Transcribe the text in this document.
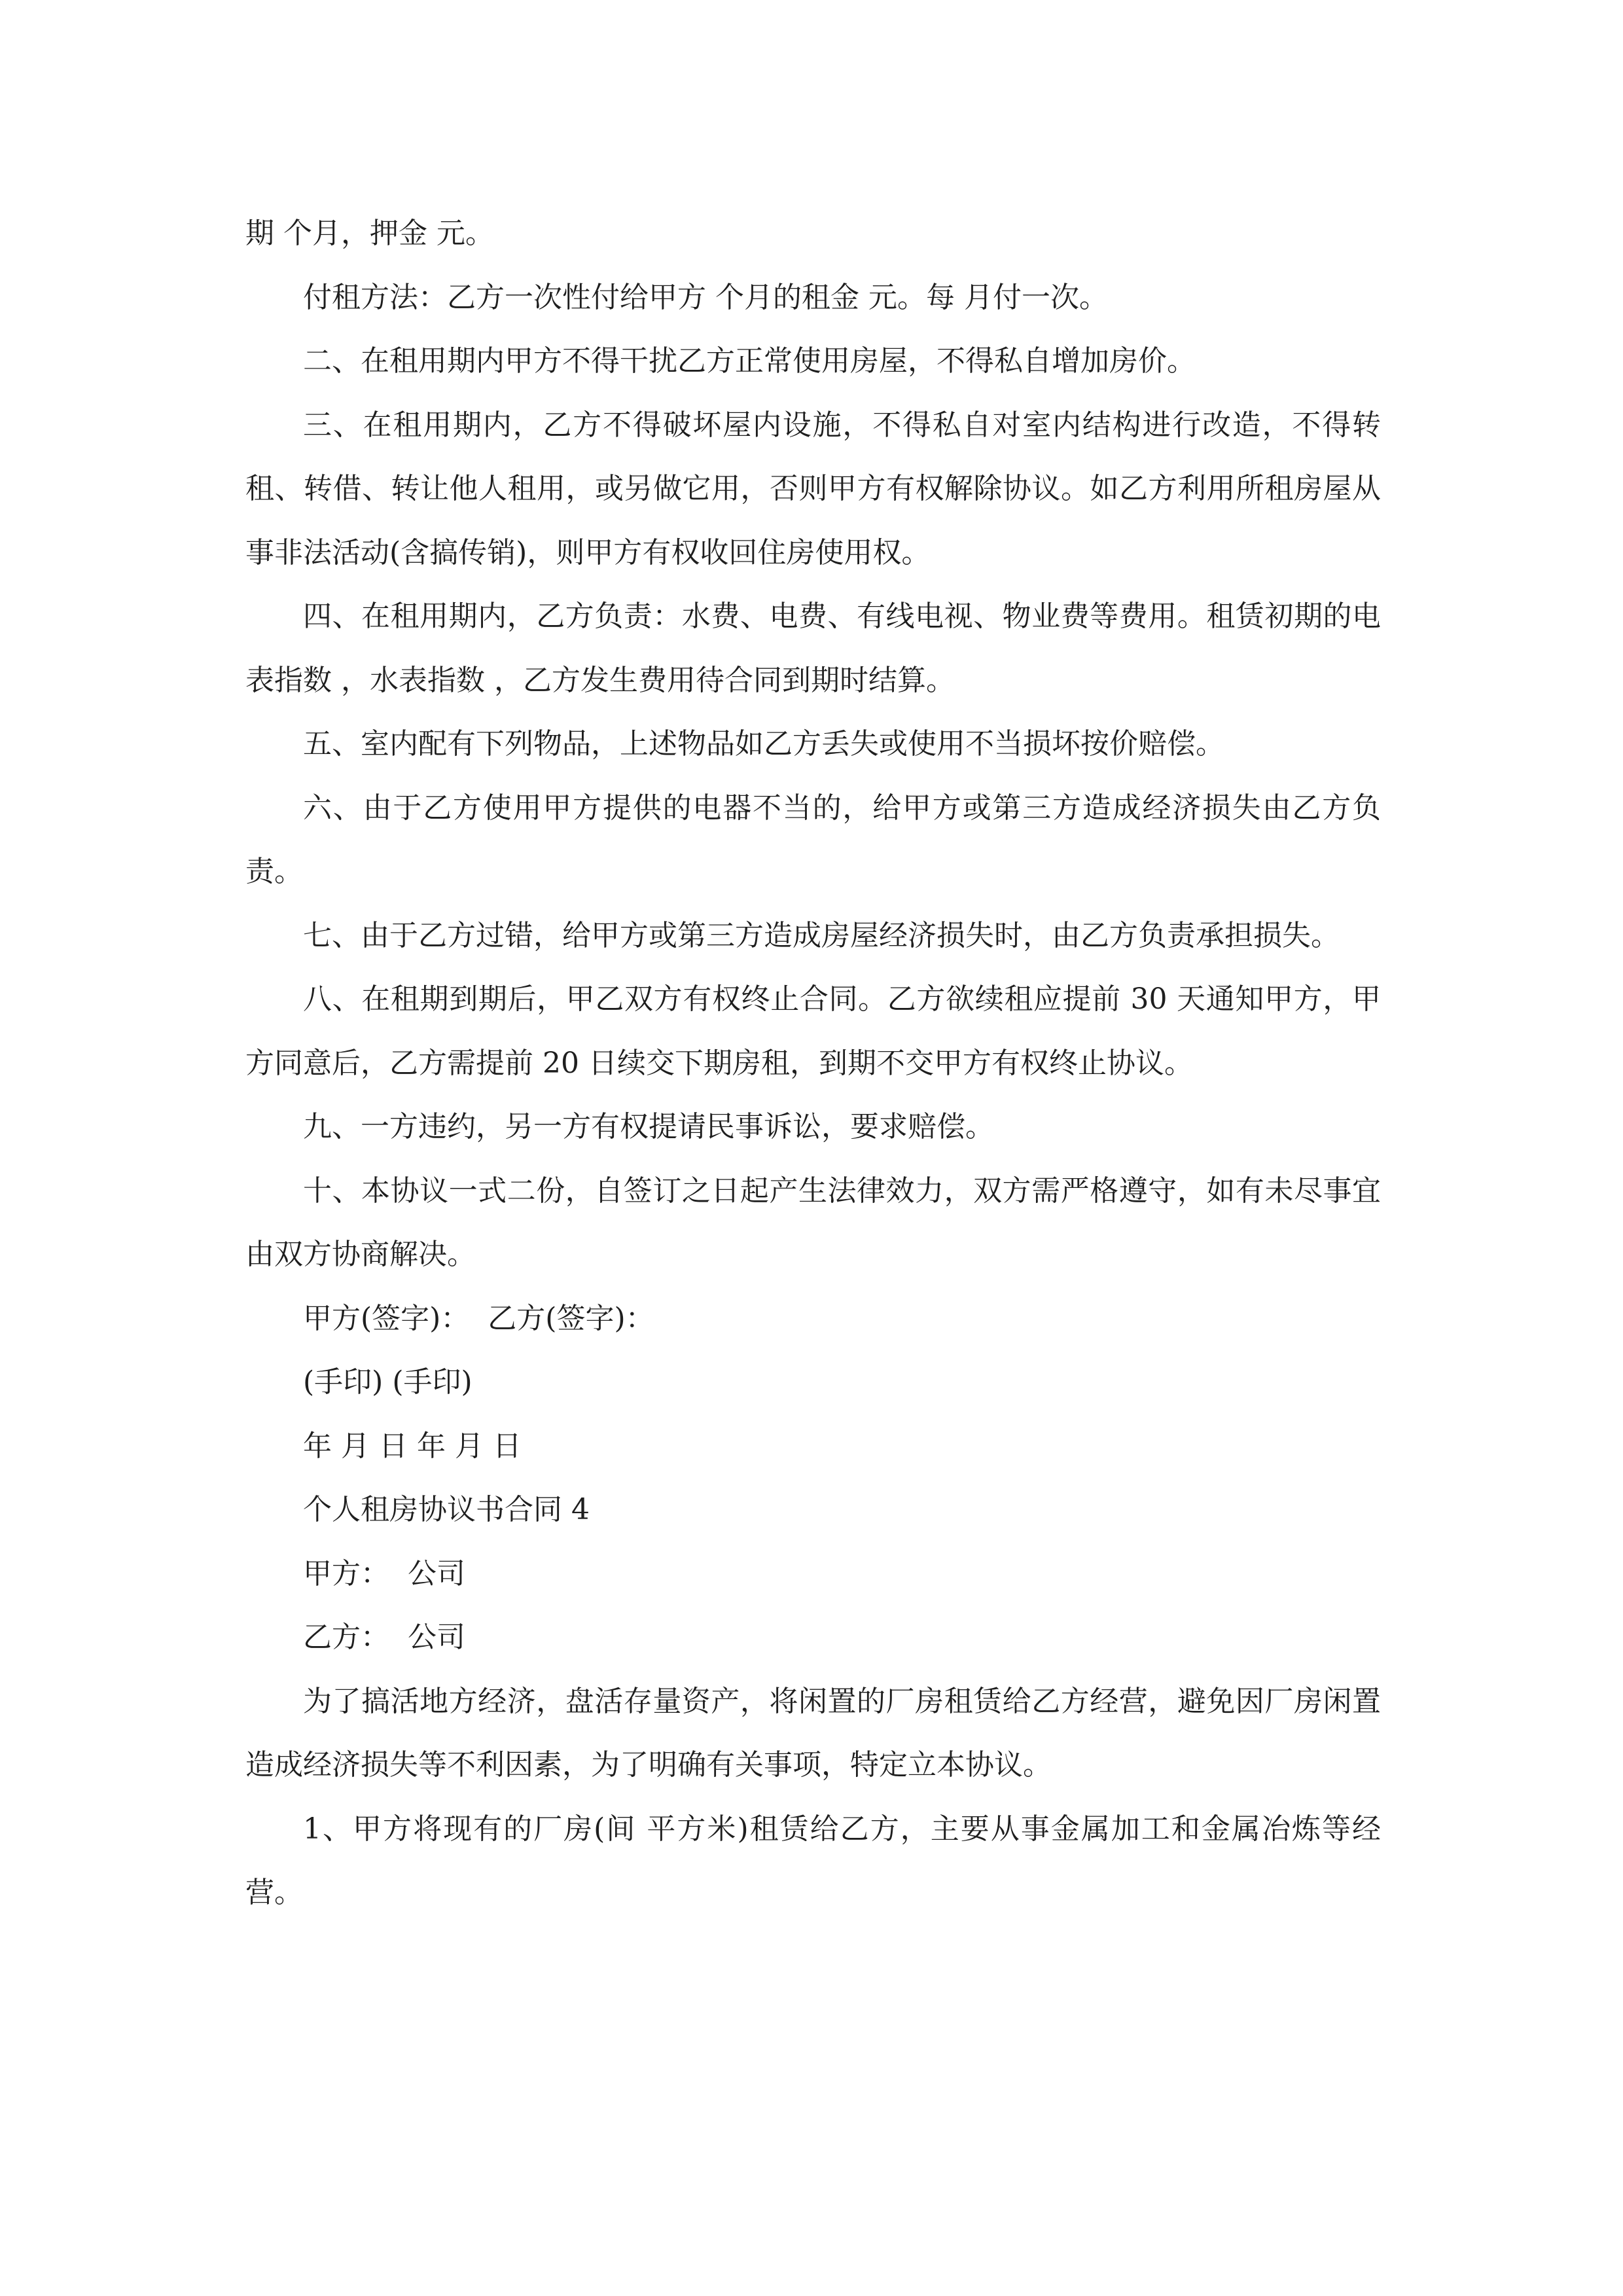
期 个月，押金 元。

付租方法：乙方一次性付给甲方 个月的租金 元。每 月付一次。

二、在租用期内甲方不得干扰乙方正常使用房屋，不得私自增加房价。

三、在租用期内，乙方不得破坏屋内设施，不得私自对室内结构进行改造，不得转租、转借、转让他人租用，或另做它用，否则甲方有权解除协议。如乙方利用所租房屋从事非法活动(含搞传销)，则甲方有权收回住房使用权。

四、在租用期内，乙方负责：水费、电费、有线电视、物业费等费用。租赁初期的电表指数 ，水表指数 ，乙方发生费用待合同到期时结算。

五、室内配有下列物品，上述物品如乙方丢失或使用不当损坏按价赔偿。

六、由于乙方使用甲方提供的电器不当的，给甲方或第三方造成经济损失由乙方负责。

七、由于乙方过错，给甲方或第三方造成房屋经济损失时，由乙方负责承担损失。

八、在租期到期后，甲乙双方有权终止合同。乙方欲续租应提前 30 天通知甲方，甲方同意后，乙方需提前 20 日续交下期房租，到期不交甲方有权终止协议。

九、一方违约，另一方有权提请民事诉讼，要求赔偿。

十、本协议一式二份，自签订之日起产生法律效力，双方需严格遵守，如有未尽事宜由双方协商解决。

甲方(签字)：  乙方(签字)：

(手印) (手印)

年 月 日 年 月 日

个人租房协议书合同 4

甲方：  公司

乙方：  公司

为了搞活地方经济，盘活存量资产，将闲置的厂房租赁给乙方经营，避免因厂房闲置造成经济损失等不利因素，为了明确有关事项，特定立本协议。

1、甲方将现有的厂房(间 平方米)租赁给乙方，主要从事金属加工和金属冶炼等经营。
